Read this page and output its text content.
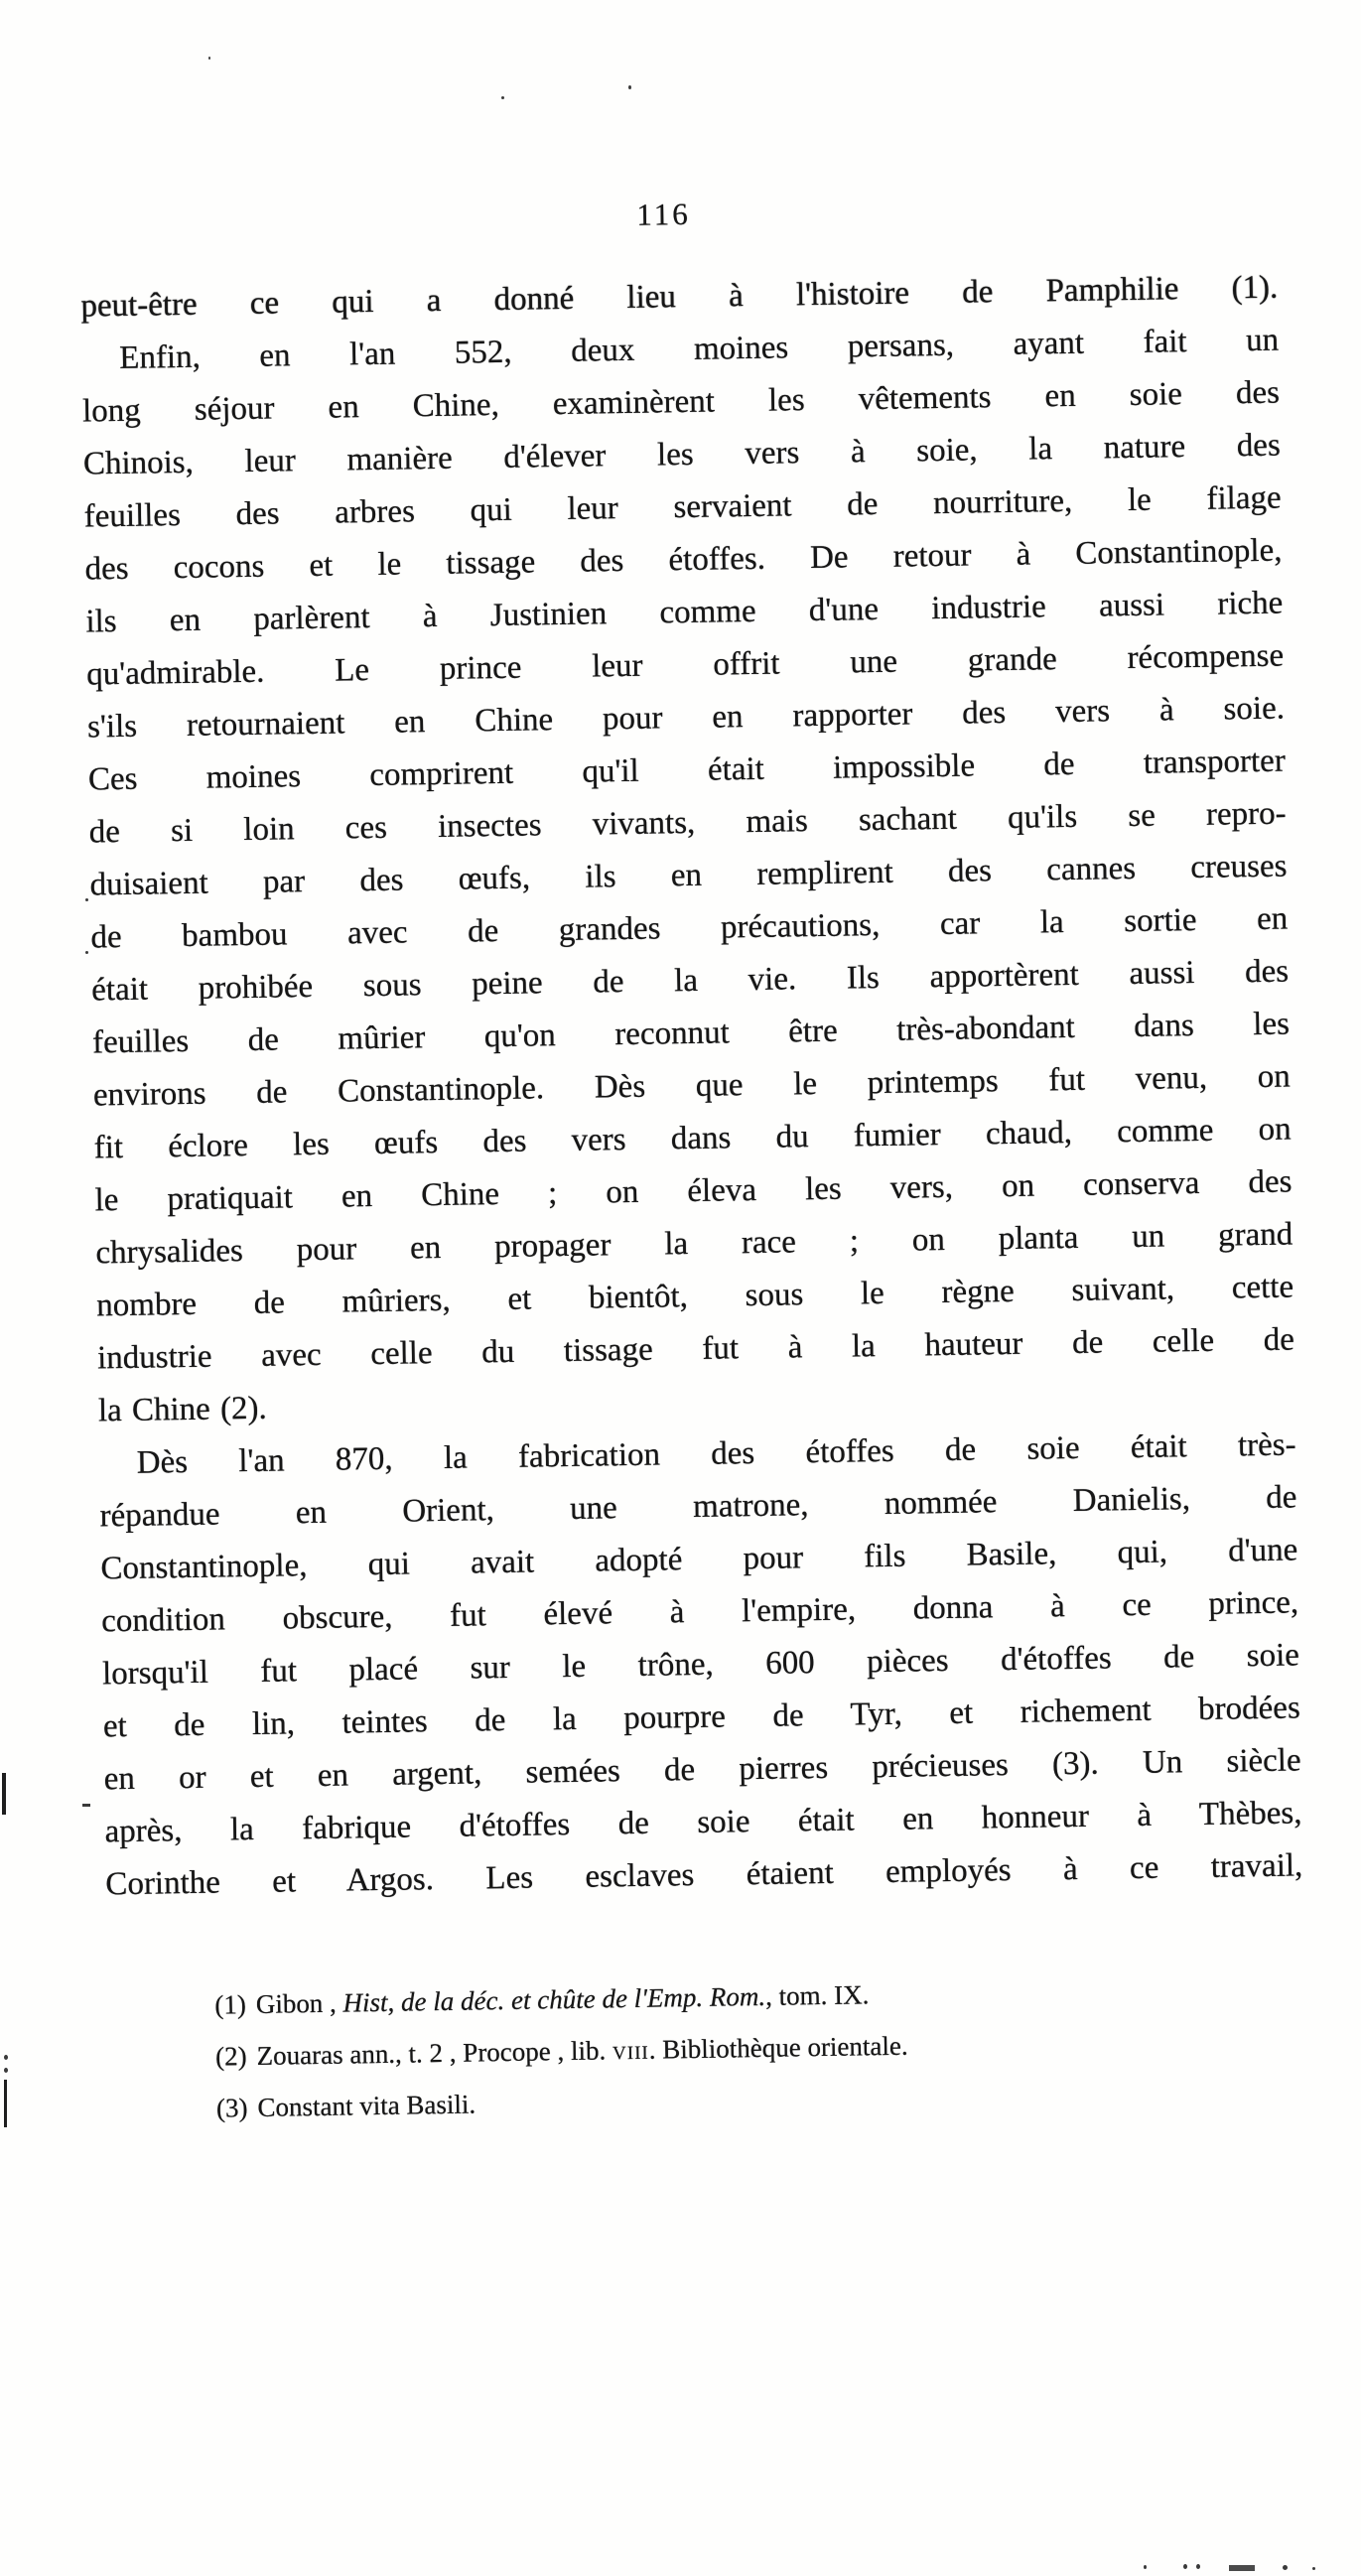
116
peut-être ce qui a donné lieu à l'histoire de Pamphilie (1).
Enfin, en l'an 552, deux moines persans, ayant fait un
long séjour en Chine, examinèrent les vêtements en soie des
Chinois, leur manière d'élever les vers à soie, la nature des
feuilles des arbres qui leur servaient de nourriture, le filage
des cocons et le tissage des étoffes. De retour à Constantinople,
ils en parlèrent à Justinien comme d'une industrie aussi riche
qu'admirable. Le prince leur offrit une grande récompense
s'ils retournaient en Chine pour en rapporter des vers à soie.
Ces moines comprirent qu'il était impossible de transporter
de si loin ces insectes vivants, mais sachant qu'ils se repro-
duisaient par des œufs, ils en remplirent des cannes creuses
de bambou avec de grandes précautions, car la sortie en
était prohibée sous peine de la vie. Ils apportèrent aussi des
feuilles de mûrier qu'on reconnut être très-abondant dans les
environs de Constantinople. Dès que le printemps fut venu, on
fit éclore les œufs des vers dans du fumier chaud, comme on
le pratiquait en Chine ; on éleva les vers, on conserva des
chrysalides pour en propager la race ; on planta un grand
nombre de mûriers, et bientôt, sous le règne suivant, cette
industrie avec celle du tissage fut à la hauteur de celle de
la Chine (2).
Dès l'an 870, la fabrication des étoffes de soie était très-
répandue en Orient, une matrone, nommée Danielis, de
Constantinople, qui avait adopté pour fils Basile, qui, d'une
condition obscure, fut élevé à l'empire, donna à ce prince,
lorsqu'il fut placé sur le trône, 600 pièces d'étoffes de soie
et de lin, teintes de la pourpre de Tyr, et richement brodées
en or et en argent, semées de pierres précieuses (3). Un siècle
après, la fabrique d'étoffes de soie était en honneur à Thèbes,
Corinthe et Argos. Les esclaves étaient employés à ce travail,
(1) Gibon , Hist, de la déc. et chûte de l'Emp. Rom., tom. IX.
(2) Zouaras ann., t. 2 , Procope , lib. viii. Bibliothèque orientale.
(3) Constant vita Basili.
